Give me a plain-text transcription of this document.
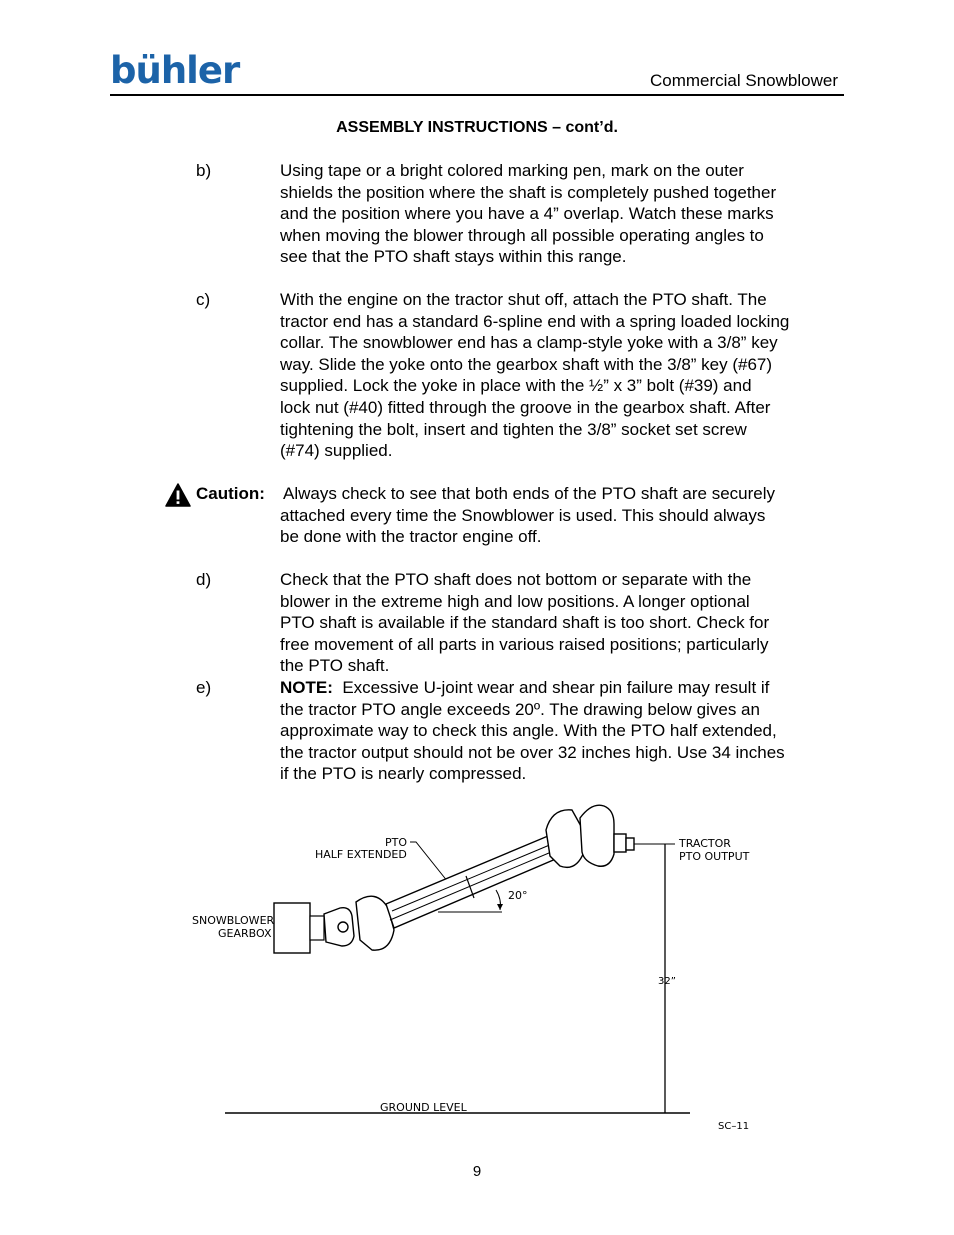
bühler	Commercial Snowblower
ASSEMBLY INSTRUCTIONS – cont’d.
b)	Using tape or a bright colored marking pen, mark on the outer
shields the position where the shaft is completely pushed together
and the position where you have a 4” overlap. Watch these marks
when moving the blower through all possible operating angles to
see that the PTO shaft stays within this range.
c)	With the engine on the tractor shut off, attach the PTO shaft. The
tractor end has a standard 6-spline end with a spring loaded locking
collar. The snowblower end has a clamp-style yoke with a 3/8” key
way. Slide the yoke onto the gearbox shaft with the 3/8” key (#67)
supplied. Lock the yoke in place with the ½” x 3” bolt (#39) and
lock nut (#40) fitted through the groove in the gearbox shaft. After
tightening the bolt, insert and tighten the 3/8” socket set screw
(#74) supplied.
Caution: Always check to see that both ends of the PTO shaft are securely
attached every time the Snowblower is used. This should always
be done with the tractor engine off.
d)	Check that the PTO shaft does not bottom or separate with the
blower in the extreme high and low positions. A longer optional
PTO shaft is available if the standard shaft is too short. Check for
free movement of all parts in various raised positions; particularly
the PTO shaft.
e)	NOTE:  Excessive U-joint wear and shear pin failure may result if
the tractor PTO angle exceeds 20º. The drawing below gives an
approximate way to check this angle. With the PTO half extended,
the tractor output should not be over 32 inches high. Use 34 inches
if the PTO is nearly compressed.
GROUND LEVEL
SC–11
32”
TRACTOR
PTO OUTPUT
PTO
HALF EXTENDED
SNOWBLOWER
GEARBOX
20°
9
